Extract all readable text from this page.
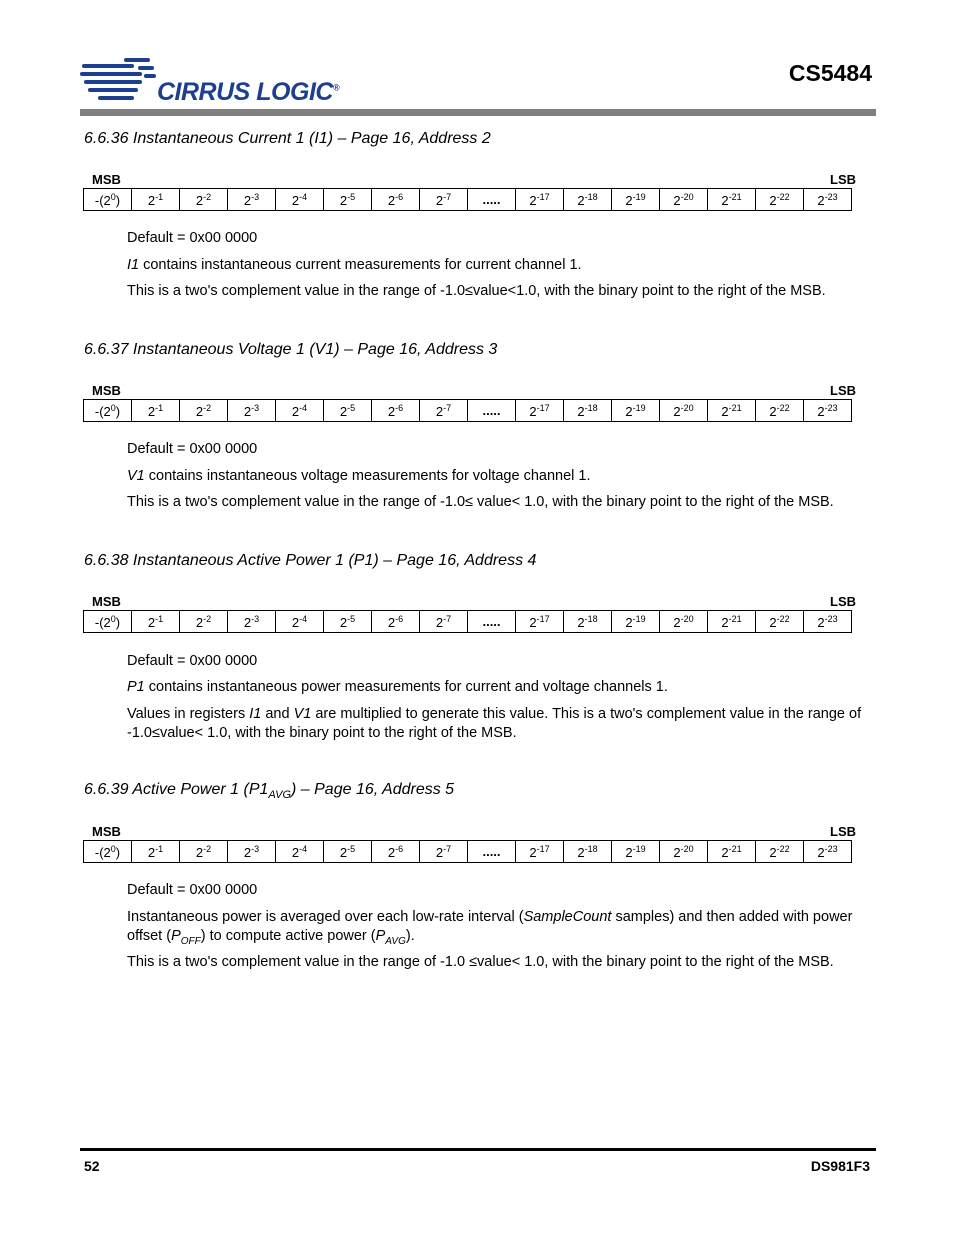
CIRRUS LOGIC®
CS5484
6.6.36 Instantaneous Current 1 (I1) – Page 16, Address 2
MSB	LSB
$-(2^0)$	$2^{-1}$	$2^{-2}$	$2^{-3}$	$2^{-4}$	$2^{-5}$	$2^{-6}$	$2^{-7}$	.....	$2^{-17}$	$2^{-18}$	$2^{-19}$	$2^{-20}$	$2^{-21}$	$2^{-22}$	$2^{-23}$
Default = 0x00 0000
I1 contains instantaneous current measurements for current channel 1.
This is a two's complement value in the range of -1.0≤value<1.0, with the binary point to the right of the MSB.
6.6.37 Instantaneous Voltage 1 (V1) – Page 16, Address 3
MSB	LSB
$-(2^0)$	$2^{-1}$	$2^{-2}$	$2^{-3}$	$2^{-4}$	$2^{-5}$	$2^{-6}$	$2^{-7}$	.....	$2^{-17}$	$2^{-18}$	$2^{-19}$	$2^{-20}$	$2^{-21}$	$2^{-22}$	$2^{-23}$
Default = 0x00 0000
V1 contains instantaneous voltage measurements for voltage channel 1.
This is a two's complement value in the range of -1.0≤ value< 1.0, with the binary point to the right of the MSB.
6.6.38 Instantaneous Active Power 1 (P1) – Page 16, Address 4
MSB	LSB
$-(2^0)$	$2^{-1}$	$2^{-2}$	$2^{-3}$	$2^{-4}$	$2^{-5}$	$2^{-6}$	$2^{-7}$	.....	$2^{-17}$	$2^{-18}$	$2^{-19}$	$2^{-20}$	$2^{-21}$	$2^{-22}$	$2^{-23}$
Default = 0x00 0000
P1 contains instantaneous power measurements for current and voltage channels 1.
Values in registers I1 and V1 are multiplied to generate this value. This is a two's complement value in the range of -1.0≤value< 1.0, with the binary point to the right of the MSB.
6.6.39 Active Power 1 $(P1_{AVG})$ – Page 16, Address 5
MSB	LSB
$-(2^0)$	$2^{-1}$	$2^{-2}$	$2^{-3}$	$2^{-4}$	$2^{-5}$	$2^{-6}$	$2^{-7}$	.....	$2^{-17}$	$2^{-18}$	$2^{-19}$	$2^{-20}$	$2^{-21}$	$2^{-22}$	$2^{-23}$
Default = 0x00 0000
Instantaneous power is averaged over each low-rate interval (SampleCount samples) and then added with power offset $(P_{OFF})$ to compute active power $(P_{AVG})$.
This is a two's complement value in the range of -1.0 ≤value< 1.0, with the binary point to the right of the MSB.
52	DS981F3
